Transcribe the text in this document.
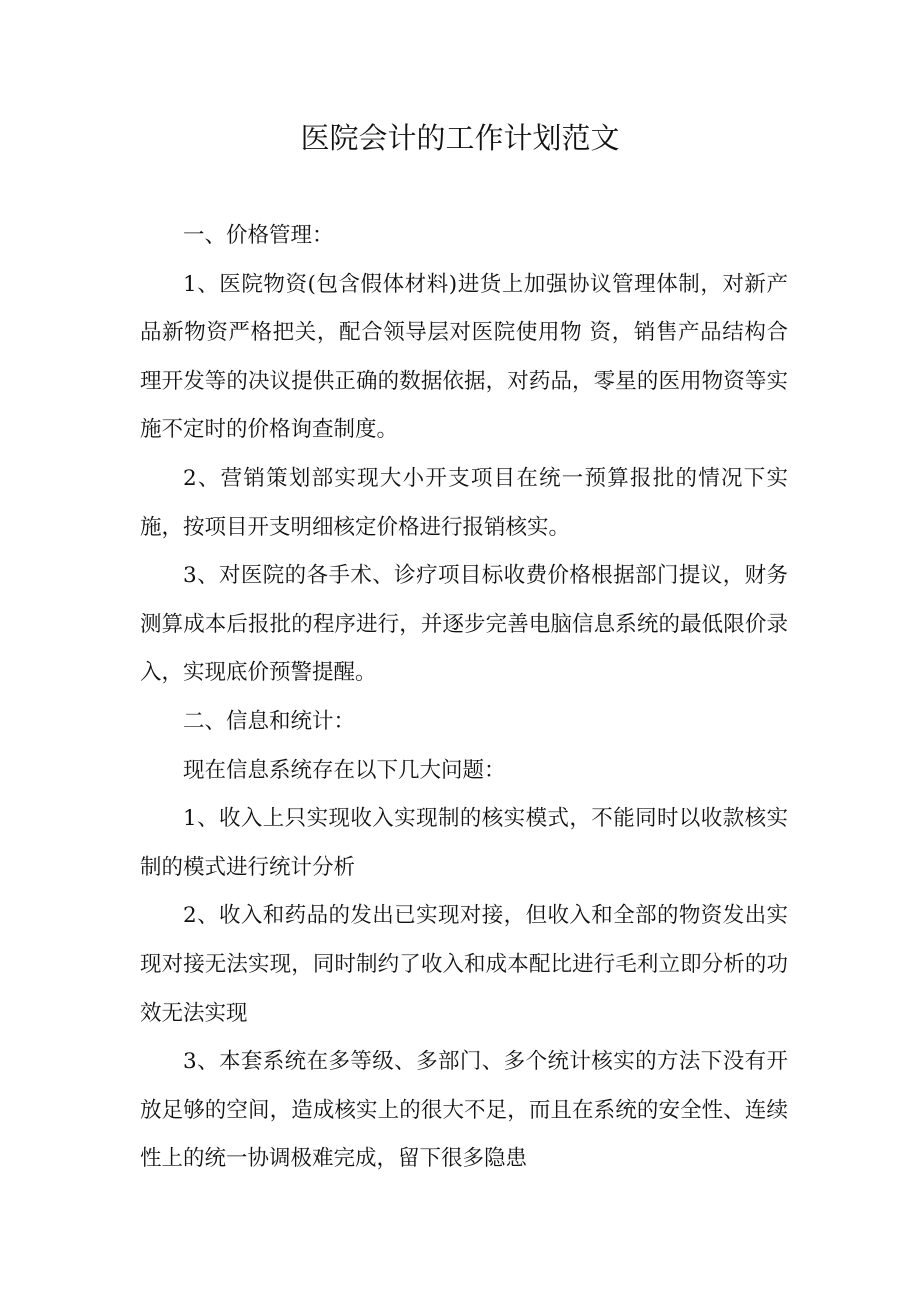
医院会计的工作计划范文

一、价格管理：

1、医院物资(包含假体材料)进货上加强协议管理体制，对新产品新物资严格把关，配合领导层对医院使用物 资，销售产品结构合理开发等的决议提供正确的数据依据，对药品，零星的医用物资等实施不定时的价格询查制度。

2、营销策划部实现大小开支项目在统一预算报批的情况下实施，按项目开支明细核定价格进行报销核实。

3、对医院的各手术、诊疗项目标收费价格根据部门提议，财务测算成本后报批的程序进行，并逐步完善电脑信息系统的最低限价录入，实现底价预警提醒。

二、信息和统计：

现在信息系统存在以下几大问题：

1、收入上只实现收入实现制的核实模式，不能同时以收款核实制的模式进行统计分析

2、收入和药品的发出已实现对接，但收入和全部的物资发出实现对接无法实现，同时制约了收入和成本配比进行毛利立即分析的功效无法实现

3、本套系统在多等级、多部门、多个统计核实的方法下没有开放足够的空间，造成核实上的很大不足，而且在系统的安全性、连续性上的统一协调极难完成，留下很多隐患
